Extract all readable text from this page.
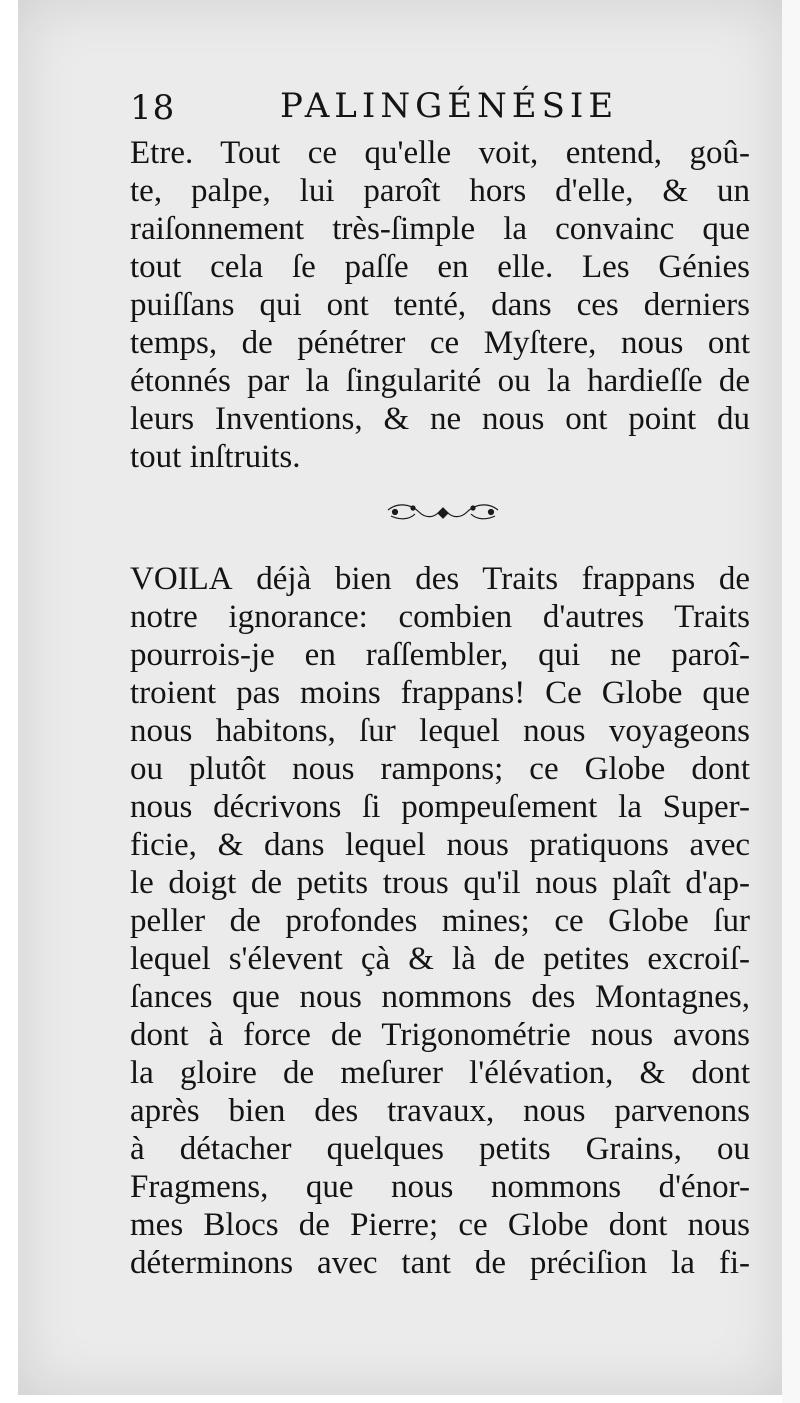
18	PALINGÉNÉSIE
Etre. Tout ce qu'elle voit, entend, goû-
te, palpe, lui paroît hors d'elle, & un
raiſonnement très-ſimple la convainc que
tout cela ſe paſſe en elle. Les Génies
puiſſans qui ont tenté, dans ces derniers
temps, de pénétrer ce Myſtere, nous ont
étonnés par la ſingularité ou la hardieſſe de
leurs Inventions, & ne nous ont point du
tout inſtruits.
VOILA déjà bien des Traits frappans de
notre ignorance: combien d'autres Traits
pourrois-je en raſſembler, qui ne paroî-
troient pas moins frappans! Ce Globe que
nous habitons, ſur lequel nous voyageons
ou plutôt nous rampons; ce Globe dont
nous décrivons ſi pompeuſement la Super-
ficie, & dans lequel nous pratiquons avec
le doigt de petits trous qu'il nous plaît d'ap-
peller de profondes mines; ce Globe ſur
lequel s'élevent çà & là de petites excroiſ-
ſances que nous nommons des Montagnes,
dont à force de Trigonométrie nous avons
la gloire de meſurer l'élévation, & dont
après bien des travaux, nous parvenons
à détacher quelques petits Grains, ou
Fragmens, que nous nommons d'énor-
mes Blocs de Pierre; ce Globe dont nous
déterminons avec tant de préciſion la fi-
